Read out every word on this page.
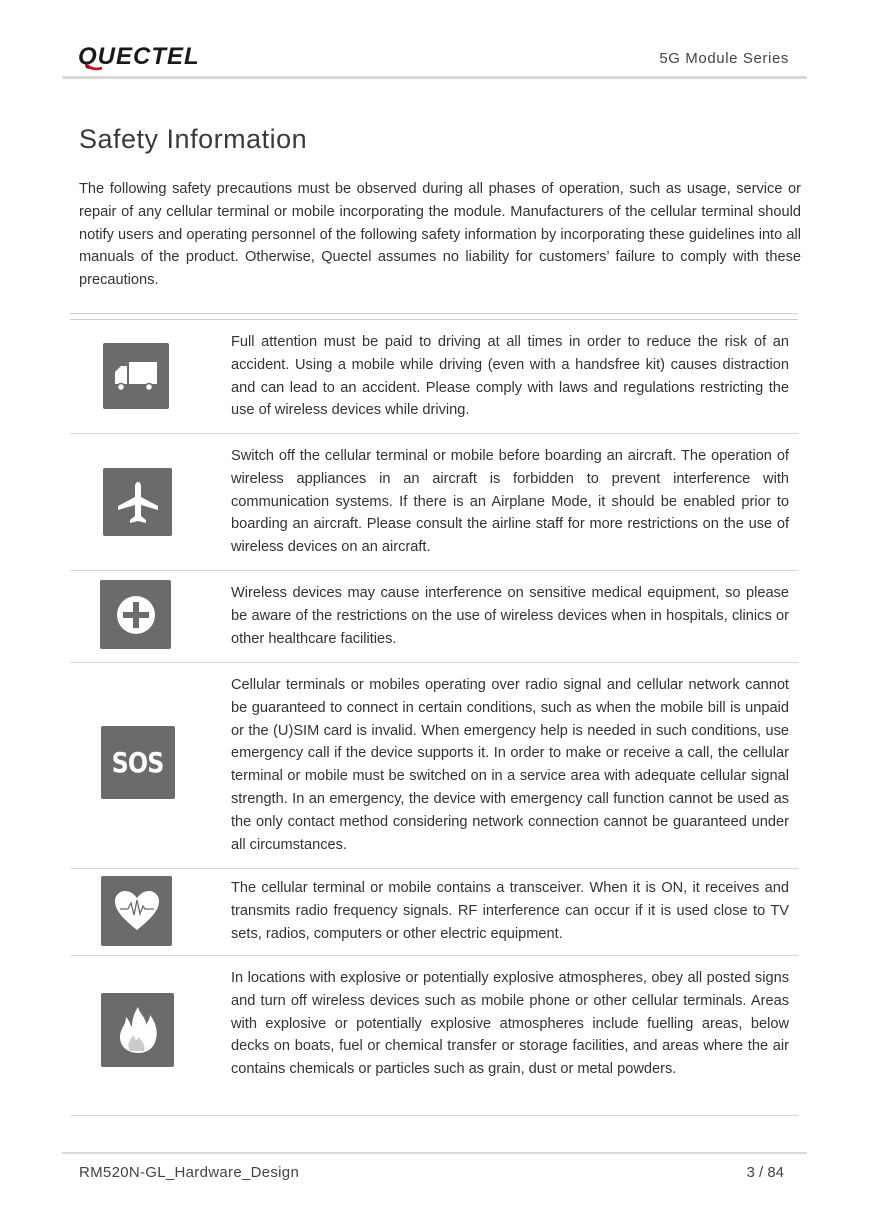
QUECTEL	5G Module Series
Safety Information

The following safety precautions must be observed during all phases of operation, such as usage, service or repair of any cellular terminal or mobile incorporating the module. Manufacturers of the cellular terminal should notify users and operating personnel of the following safety information by incorporating these guidelines into all manuals of the product. Otherwise, Quectel assumes no liability for customers’ failure to comply with these precautions.

Full attention must be paid to driving at all times in order to reduce the risk of an accident. Using a mobile while driving (even with a handsfree kit) causes distraction and can lead to an accident. Please comply with laws and regulations restricting the use of wireless devices while driving.

Switch off the cellular terminal or mobile before boarding an aircraft. The operation of wireless appliances in an aircraft is forbidden to prevent interference with communication systems. If there is an Airplane Mode, it should be enabled prior to boarding an aircraft. Please consult the airline staff for more restrictions on the use of wireless devices on an aircraft.

Wireless devices may cause interference on sensitive medical equipment, so please be aware of the restrictions on the use of wireless devices when in hospitals, clinics or other healthcare facilities.

SOS

Cellular terminals or mobiles operating over radio signal and cellular network cannot be guaranteed to connect in certain conditions, such as when the mobile bill is unpaid or the (U)SIM card is invalid. When emergency help is needed in such conditions, use emergency call if the device supports it. In order to make or receive a call, the cellular terminal or mobile must be switched on in a service area with adequate cellular signal strength. In an emergency, the device with emergency call function cannot be used as the only contact method considering network connection cannot be guaranteed under all circumstances.

The cellular terminal or mobile contains a transceiver. When it is ON, it receives and transmits radio frequency signals. RF interference can occur if it is used close to TV sets, radios, computers or other electric equipment.

In locations with explosive or potentially explosive atmospheres, obey all posted signs and turn off wireless devices such as mobile phone or other cellular terminals. Areas with explosive or potentially explosive atmospheres include fuelling areas, below decks on boats, fuel or chemical transfer or storage facilities, and areas where the air contains chemicals or particles such as grain, dust or metal powders.

RM520N-GL_Hardware_Design	3 / 84
